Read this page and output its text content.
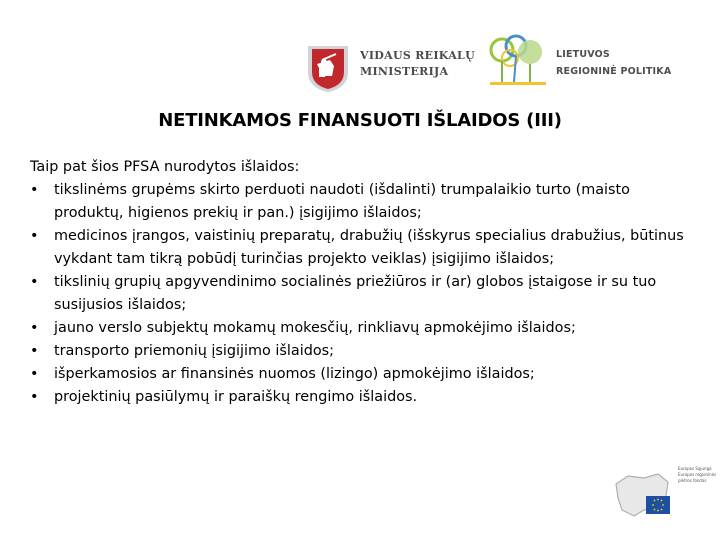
VIDAUS REIKALŲ
MINISTERIJA
LIETUVOS
REGIONINĖ POLITIKA
NETINKAMOS FINANSUOTI IŠLAIDOS (III)

Taip pat šios PFSA nurodytos išlaidos:

• tikslinėms grupėms skirto perduoti naudoti (išdalinti) trumpalaikio turto (maisto produktų, higienos prekių ir pan.) įsigijimo išlaidos;
• medicinos įrangos, vaistinių preparatų, drabužių (išskyrus specialius drabužius, būtinus vykdant tam tikrą pobūdį turinčias projekto veiklas) įsigijimo išlaidos;
• tikslinių grupių apgyvendinimo socialinės priežiūros ir (ar) globos įstaigose ir su tuo susijusios išlaidos;
• jauno verslo subjektų mokamų mokesčių, rinkliavų apmokėjimo išlaidos;
• transporto priemonių įsigijimo išlaidos;
• išperkamosios ar finansinės nuomos (lizingo) apmokėjimo išlaidos;
• projektinių pasiūlymų ir paraiškų rengimo išlaidos.
Europos Sąjunga Europos regioninės plėtros fondas
